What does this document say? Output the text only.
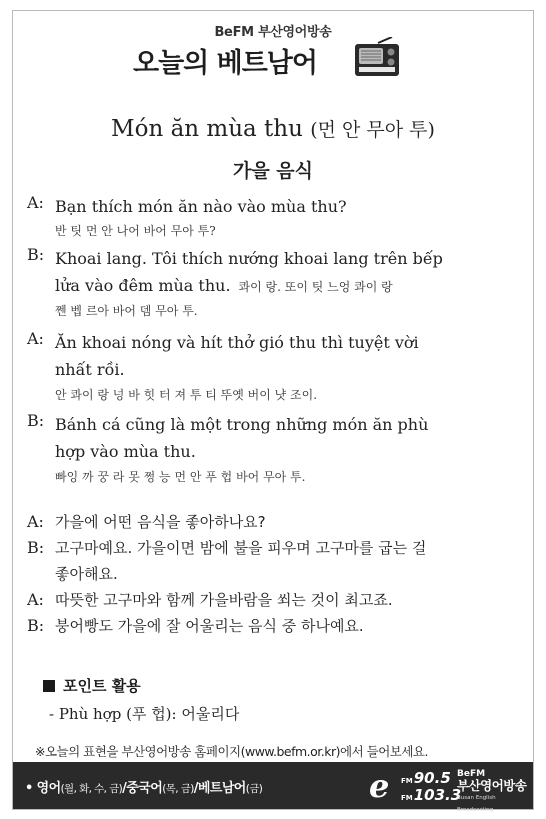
BeFM 부산영어방송
오늘의 베트남어
Món ăn mùa thu (먼 안 무아 투)
가을 음식
A: Bạn thích món ăn nào vào mùa thu?
반 팃 먼 안 나어 바어 무아 투?
B: Khoai lang. Tôi thích nướng khoai lang trên bếp
lửa vào đêm mùa thu. 콰이 랑. 또이 팃 느엉 콰이 랑
쩬 벱 르아 바어 뎀 무아 투.
A: Ăn khoai nóng và hít thở gió thu thì tuyệt vời
nhất rồi.
안 콰이 랑 넝 바 힛 터 져 투 티 뚜옛 버이 냣 조이.
B: Bánh cá cũng là một trong những món ăn phù
hợp vào mùa thu.
빠잉 까 꿍 라 못 쩡 능 먼 안 푸 헙 바어 무아 투.
A: 가을에 어떤 음식을 좋아하나요?
B: 고구마예요. 가을이면 밤에 불을 피우며 고구마를 굽는 걸
좋아해요.
A: 따뜻한 고구마와 함께 가을바람을 쐬는 것이 최고죠.
B: 붕어빵도 가을에 잘 어울리는 음식 중 하나예요.
포인트 활용
- Phù hợp (푸 헙): 어울리다
※오늘의 표현을 부산영어방송 홈페이지(www.befm.or.kr)에서 들어보세요.
• 영어(월, 화, 수, 금)/중국어(목, 금)/베트남어(금)	e FM90.5
FM103.3
BeFM
부산영어방송
Busan English Broadcasting
